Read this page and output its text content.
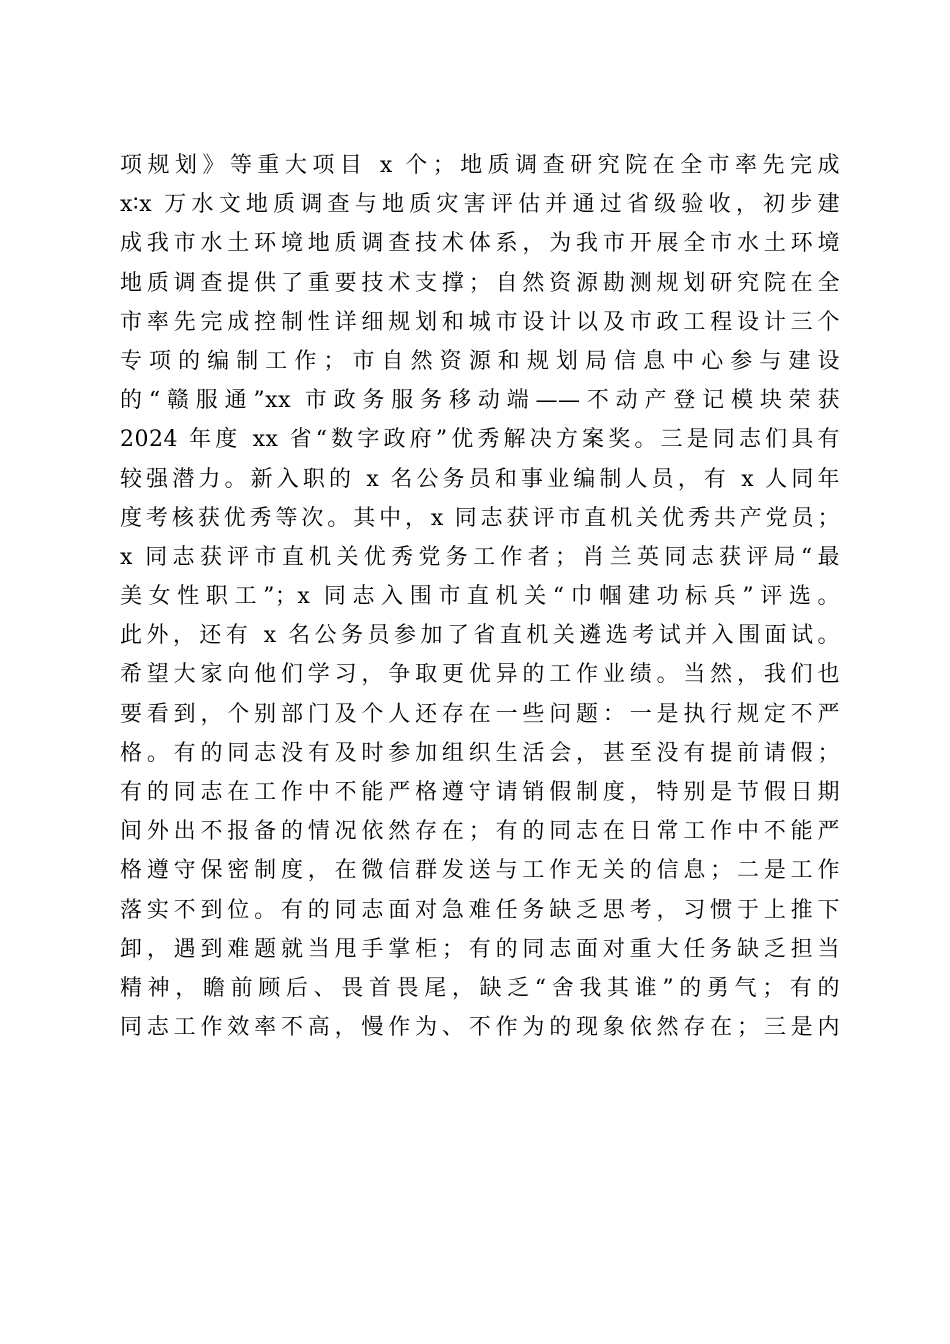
项规划》等重大项目 x 个；地质调查研究院在全市率先完成
x∶x 万水文地质调查与地质灾害评估并通过省级验收，初步建
成我市水土环境地质调查技术体系，为我市开展全市水土环境
地质调查提供了重要技术支撑；自然资源勘测规划研究院在全
市率先完成控制性详细规划和城市设计以及市政工程设计三个
专项的编制工作；市自然资源和规划局信息中心参与建设
的“赣服通”xx 市政务服务移动端——不动产登记模块荣获
2024 年度 xx 省“数字政府”优秀解决方案奖。三是同志们具有
较强潜力。新入职的 x 名公务员和事业编制人员，有 x 人同年
度考核获优秀等次。其中，x 同志获评市直机关优秀共产党员；
x 同志获评市直机关优秀党务工作者；肖兰英同志获评局“最
美女性职工”；x 同志入围市直机关“巾帼建功标兵”评选。
此外，还有 x 名公务员参加了省直机关遴选考试并入围面试。
希望大家向他们学习，争取更优异的工作业绩。当然，我们也
要看到，个别部门及个人还存在一些问题：一是执行规定不严
格。有的同志没有及时参加组织生活会，甚至没有提前请假；
有的同志在工作中不能严格遵守请销假制度，特别是节假日期
间外出不报备的情况依然存在；有的同志在日常工作中不能严
格遵守保密制度，在微信群发送与工作无关的信息；二是工作
落实不到位。有的同志面对急难任务缺乏思考，习惯于上推下
卸，遇到难题就当甩手掌柜；有的同志面对重大任务缺乏担当
精神，瞻前顾后、畏首畏尾，缺乏“舍我其谁”的勇气；有的
同志工作效率不高，慢作为、不作为的现象依然存在；三是内
